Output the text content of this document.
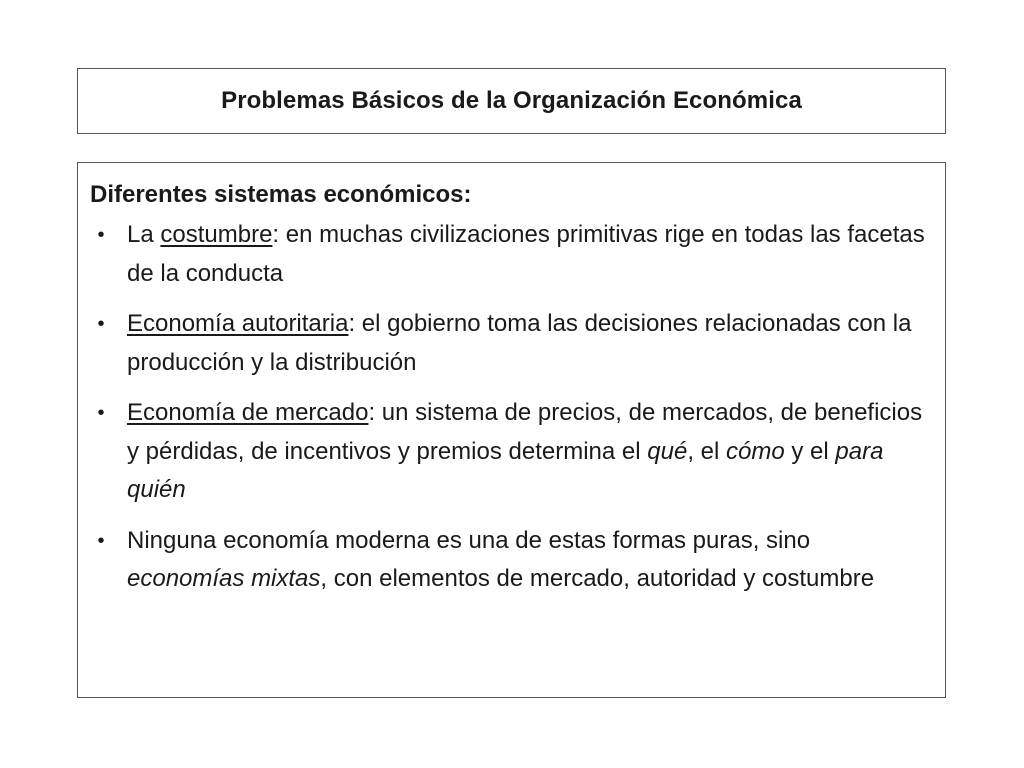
Problemas Básicos de la Organización Económica
Diferentes sistemas económicos:
• La costumbre: en muchas civilizaciones primitivas rige en todas las facetas de la conducta
• Economía autoritaria: el gobierno toma las decisiones relacionadas con la producción y la distribución
• Economía de mercado: un sistema de precios, de mercados, de beneficios y pérdidas, de incentivos y premios determina el qué, el cómo y el para quién
• Ninguna economía moderna es una de estas formas puras, sino economías mixtas, con elementos de mercado, autoridad y costumbre
